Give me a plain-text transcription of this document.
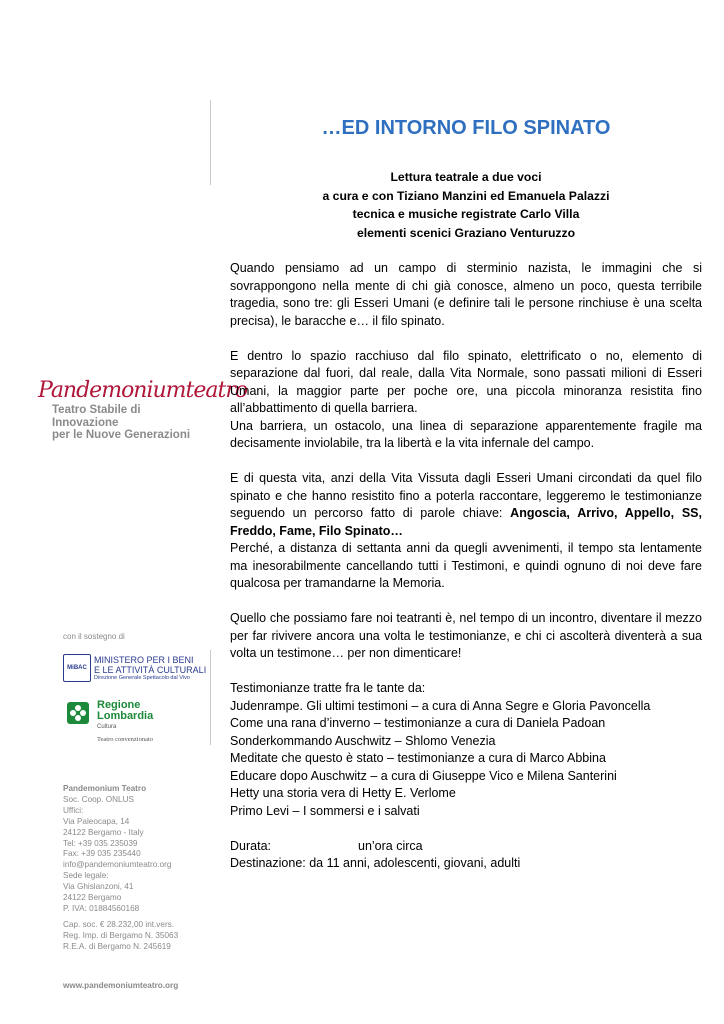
Pandemoniumteatro
Teatro Stabile di Innovazione
per le Nuove Generazioni
con il sostegno di
MiBAC
MINISTERO PER I BENI
E LE ATTIVITÀ CULTURALI
Direzione Generale Spettacolo dal Vivo
Regione
Lombardia
Cultura
Teatro convenzionato
Pandemonium Teatro
Soc. Coop. ONLUS
Uffici:
Via Paleocapa, 14
24122 Bergamo - Italy
Tel: +39 035 235039
Fax: +39 035 235440
info@pandemoniumteatro.org
Sede legale:
Via Ghislanzoni, 41
24122 Bergamo
P. IVA: 01884560168
Cap. soc. € 28.232,00 int.vers.
Reg. Imp. di Bergamo N. 35063
R.E.A. di Bergamo N. 245619
www.pandemoniumteatro.org
…ED INTORNO FILO SPINATO
Lettura teatrale a due voci
a cura e con Tiziano Manzini ed Emanuela Palazzi
tecnica e musiche registrate Carlo Villa
elementi scenici Graziano Venturuzzo

Quando pensiamo ad un campo di sterminio nazista, le immagini che si sovrappongono nella mente di chi già conosce, almeno un poco, questa terribile tragedia, sono tre: gli Esseri Umani (e definire tali le persone rinchiuse è una scelta precisa), le baracche e… il filo spinato.

E dentro lo spazio racchiuso dal filo spinato, elettrificato o no, elemento di separazione dal fuori, dal reale, dalla Vita Normale, sono passati milioni di Esseri Umani, la maggior parte per poche ore, una piccola minoranza resistita fino all’abbattimento di quella barriera.

Una barriera, un ostacolo, una linea di separazione apparentemente fragile ma decisamente inviolabile, tra la libertà e la vita infernale del campo.

E di questa vita, anzi della Vita Vissuta dagli Esseri Umani circondati da quel filo spinato e che hanno resistito fino a poterla raccontare, leggeremo le testimonianze seguendo un percorso fatto di parole chiave: Angoscia, Arrivo, Appello, SS, Freddo, Fame, Filo Spinato…

Perché, a distanza di settanta anni da quegli avvenimenti, il tempo sta lentamente ma inesorabilmente cancellando tutti i Testimoni, e quindi ognuno di noi deve fare qualcosa per tramandarne la Memoria.

Quello che possiamo fare noi teatranti è, nel tempo di un incontro, diventare il mezzo per far rivivere ancora una volta le testimonianze, e chi ci ascolterà diventerà a sua volta un testimone… per non dimenticare!

Testimonianze tratte fra le tante da:
Judenrampe. Gli ultimi testimoni – a cura di Anna Segre e Gloria Pavoncella
Come una rana d’inverno – testimonianze a cura di Daniela Padoan
Sonderkommando Auschwitz – Shlomo Venezia
Meditate che questo è stato – testimonianze a cura di Marco Abbina
Educare dopo Auschwitz – a cura di Giuseppe Vico e Milena Santerini
Hetty una storia vera di Hetty E. Verlome
Primo Levi – I sommersi e i salvati
Durata:	un’ora circa
Destinazione: da 11 anni, adolescenti, giovani, adulti
